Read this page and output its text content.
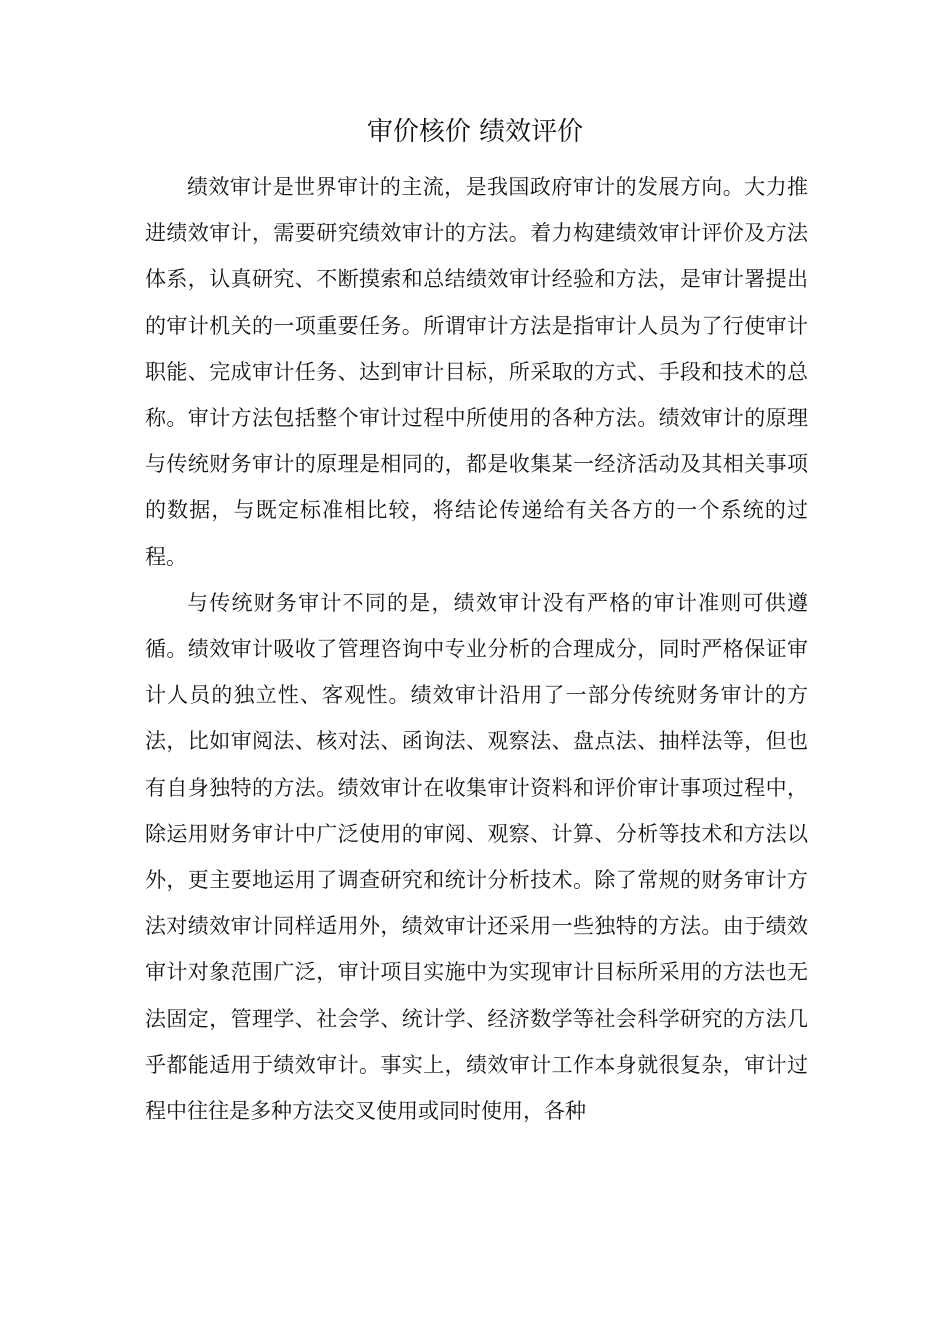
审价核价 绩效评价

绩效审计是世界审计的主流，是我国政府审计的发展方向。大力推进绩效审计，需要研究绩效审计的方法。着力构建绩效审计评价及方法体系，认真研究、不断摸索和总结绩效审计经验和方法，是审计署提出的审计机关的一项重要任务。所谓审计方法是指审计人员为了行使审计职能、完成审计任务、达到审计目标，所采取的方式、手段和技术的总称。审计方法包括整个审计过程中所使用的各种方法。绩效审计的原理与传统财务审计的原理是相同的，都是收集某一经济活动及其相关事项的数据，与既定标准相比较，将结论传递给有关各方的一个系统的过程。

与传统财务审计不同的是，绩效审计没有严格的审计准则可供遵循。绩效审计吸收了管理咨询中专业分析的合理成分，同时严格保证审计人员的独立性、客观性。绩效审计沿用了一部分传统财务审计的方法，比如审阅法、核对法、函询法、观察法、盘点法、抽样法等，但也有自身独特的方法。绩效审计在收集审计资料和评价审计事项过程中，除运用财务审计中广泛使用的审阅、观察、计算、分析等技术和方法以外，更主要地运用了调查研究和统计分析技术。除了常规的财务审计方法对绩效审计同样适用外，绩效审计还采用一些独特的方法。由于绩效审计对象范围广泛，审计项目实施中为实现审计目标所采用的方法也无法固定，管理学、社会学、统计学、经济数学等社会科学研究的方法几乎都能适用于绩效审计。事实上，绩效审计工作本身就很复杂，审计过程中往往是多种方法交叉使用或同时使用，各种
